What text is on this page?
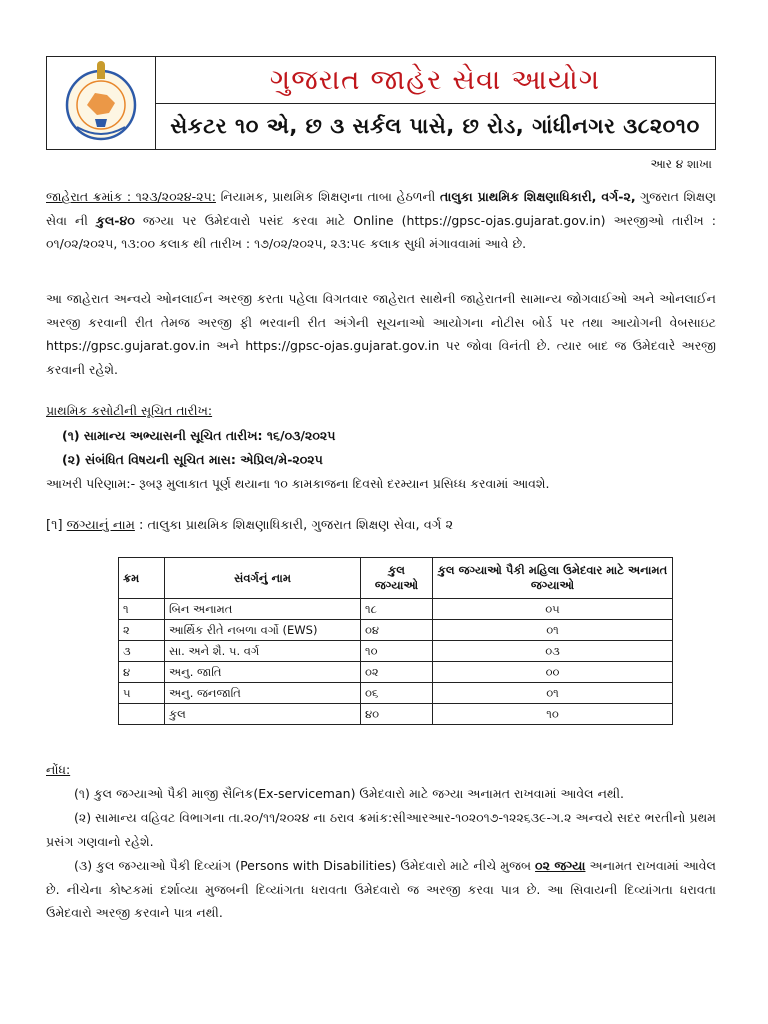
ગુજરાત જાહેર સેવા આયોગ
સેકટર ૧૦ એ, છ ૩ સર્કલ પાસે, છ રોડ, ગાંધીનગર ૩૮૨૦૧૦
આર ૪ શાખા
જાહેરાત ક્રમાંક : ૧૨૩/૨૦૨૪-૨૫: નિયામક, પ્રાથમિક શિક્ષણના તાબા હેઠળની તાલુકા પ્રાથમિક શિક્ષણાધિકારી, વર્ગ-૨, ગુજરાત શિક્ષણ સેવા ની કુલ-૪૦ જગ્યા પર ઉમેદવારો પસંદ કરવા માટે Online (https://gpsc-ojas.gujarat.gov.in) અરજીઓ તારીખ : ૦૧/૦૨/૨૦૨૫, ૧૩:૦૦ કલાક થી તારીખ : ૧૭/૦૨/૨૦૨૫, ૨૩:૫૯ કલાક સુધી મંગાવવામાં આવે છે.
આ જાહેરાત અન્વયે ઓનલાઈન અરજી કરતા પહેલા વિગતવાર જાહેરાત સાથેની જાહેરાતની સામાન્ય જોગવાઈઓ અને ઓનલાઈન અરજી કરવાની રીત તેમજ અરજી ફી ભરવાની રીત અંગેની સૂચનાઓ આયોગના નોટીસ બોર્ડ પર તથા આયોગની વેબસાઇટ https://gpsc.gujarat.gov.in અને https://gpsc-ojas.gujarat.gov.in પર જોવા વિનંતી છે. ત્યાર બાદ જ ઉમેદવારે અરજી કરવાની રહેશે.
પ્રાથમિક કસોટીની સૂચિત તારીખ:
(૧) સામાન્ય અભ્યાસની સૂચિત તારીખ: ૧૬/૦૩/૨૦૨૫
(૨) સંબંધિત વિષયની સૂચિત માસ: એપ્રિલ/મે-૨૦૨૫
આખરી પરિણામ:- રૂબરૂ મુલાકાત પૂર્ણ થયાના ૧૦ કામકાજના દિવસો દરમ્યાન પ્રસિધ્ધ કરવામાં આવશે.
[૧] જગ્યાનું નામ : તાલુકા પ્રાથમિક શિક્ષણાધિકારી, ગુજરાત શિક્ષણ સેવા, વર્ગ ૨
ક્રમ	સંવર્ગનું નામ	કુલ જગ્યાઓ	કુલ જગ્યાઓ પૈકી મહિલા ઉમેદવાર માટે અનામત જગ્યાઓ
૧	બિન અનામત	૧૮	૦૫
૨	આર્થિક રીતે નબળા વર્ગો (EWS)	૦૪	૦૧
૩	સા. અને શૈ. પ. વર્ગ	૧૦	૦૩
૪	અનુ. જાતિ	૦૨	૦૦
૫	અનુ. જનજાતિ	૦૬	૦૧
	કુલ	૪૦	૧૦
નોંધ:
(૧) કુલ જગ્યાઓ પૈકી માજી સૈનિક(Ex-serviceman) ઉમેદવારો માટે જગ્યા અનામત રાખવામાં આવેલ નથી.
(૨) સામાન્ય વહિવટ વિભાગના તા.૨૦/૧૧/૨૦૨૪ ના ઠરાવ ક્રમાંક:સીઆરઆર-૧૦૨૦૧૭-૧૨૨૬૩૯-ગ.૨ અન્વયે સદર ભરતીનો પ્રથમ પ્રસંગ ગણવાનો રહેશે.
(૩) કુલ જગ્યાઓ પૈકી દિવ્યાંગ (Persons with Disabilities) ઉમેદવારો માટે નીચે મુજબ ૦૨ જગ્યા અનામત રાખવામાં આવેલ છે. નીચેના કોષ્ટકમાં દર્શાવ્યા મુજબની દિવ્યાંગતા ધરાવતા ઉમેદવારો જ અરજી કરવા પાત્ર છે. આ સિવાયની દિવ્યાંગતા ધરાવતા ઉમેદવારો અરજી કરવાને પાત્ર નથી.
